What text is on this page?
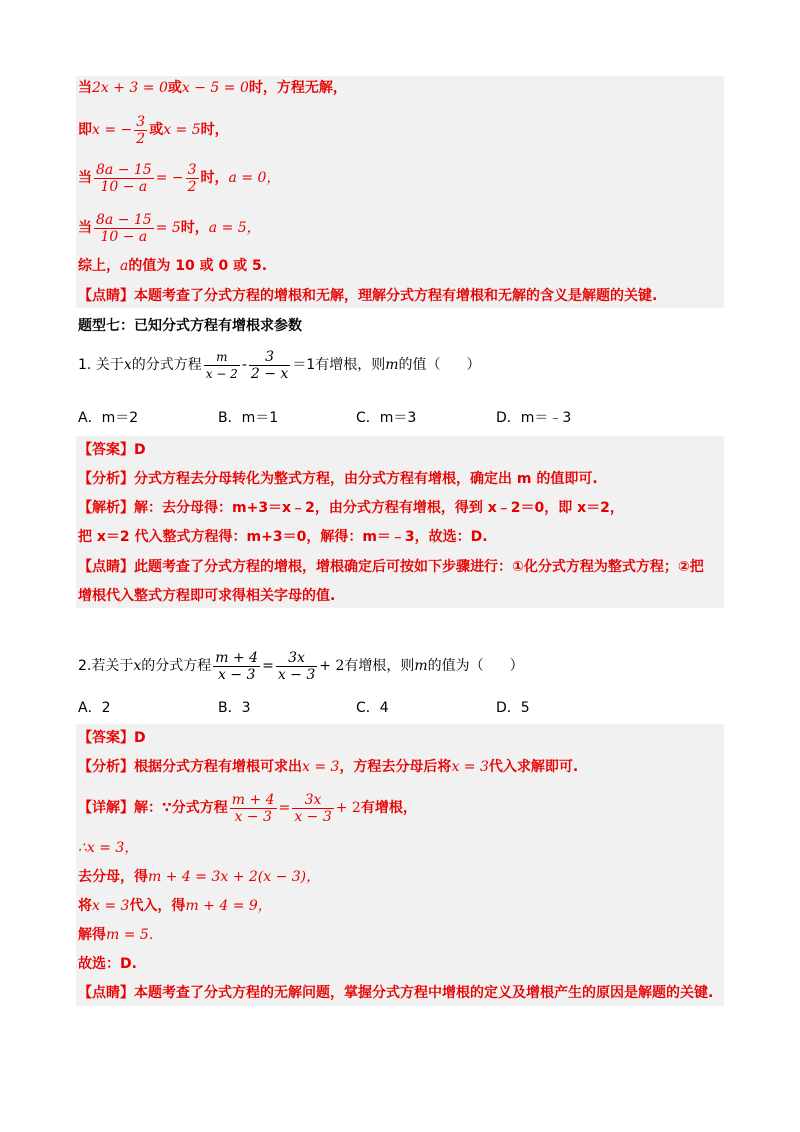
当2x + 3 = 0或x − 5 = 0时，方程无解，
即x = − $\frac{3}{2}$ 或x = 5时，
当 $\frac{8a - 15}{10 - a}$ = − $\frac{3}{2}$ 时，a = 0，
当 $\frac{8a - 15}{10 - a} = 5$时，a = 5，
综上，a的值为 10 或 0 或 5.
【点睛】本题考查了分式方程的增根和无解，理解分式方程有增根和无解的含义是解题的关键.
题型七：已知分式方程有增根求参数
1. 关于x的分式方程 $\frac{m}{x - 2} - \frac{3}{2 - x} =1$有增根，则m的值（ ）
A．m＝2	B．m＝1	C．m＝3	D．m＝﹣3
【答案】D
【分析】分式方程去分母转化为整式方程，由分式方程有增根，确定出 m 的值即可.
【解析】解：去分母得：m+3＝x﹣2，由分式方程有增根，得到 x﹣2＝0，即 x＝2，
把 x＝2 代入整式方程得：m+3＝0，解得：m＝﹣3，故选：D.
【点睛】此题考查了分式方程的增根，增根确定后可按如下步骤进行：①化分式方程为整式方程；②把
增根代入整式方程即可求得相关字母的值.
2.若关于x的分式方程 $\frac{m + 4}{x - 3} = \frac{3x}{x - 3} + 2$有增根，则m的值为（ ）
A．2	B．3	C．4	D．5
【答案】D
【分析】根据分式方程有增根可求出x = 3，方程去分母后将x = 3代入求解即可.
【详解】解：∵分式方程 $\frac{m + 4}{x - 3} = \frac{3x}{x - 3} + 2$有增根，
∴x = 3，
去分母，得m + 4 = 3x + 2(x − 3)，
将x = 3代入，得m + 4 = 9，
解得m = 5.
故选：D.
【点睛】本题考查了分式方程的无解问题，掌握分式方程中增根的定义及增根产生的原因是解题的关键.
